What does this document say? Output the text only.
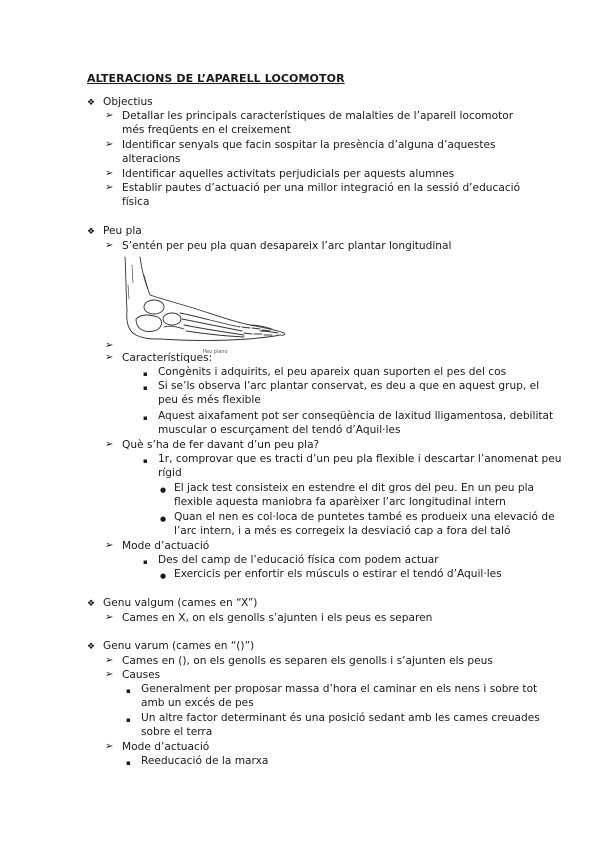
ALTERACIONS DE L’APARELL LOCOMOTOR
❖ Objectius
➢ Detallar les principals característiques de malalties de l’aparell locomotor
més freqüents en el creixement
➢ Identificar senyals que facin sospitar la presència d’alguna d’aquestes
alteracions
➢ Identificar aquelles activitats perjudicials per aquests alumnes
➢ Establir pautes d’actuació per una millor integració en la sessió d’educació
física
❖ Peu pla
➢ S’entén per peu pla quan desapareix l’arc plantar longitudinal
Peu plano
➢
➢ Característiques:
▪ Congènits i adquirits, el peu apareix quan suporten el pes del cos
▪ Si se’ls observa l’arc plantar conservat, es deu a que en aquest grup, el
peu és més flexible
▪ Aquest aixafament pot ser conseqüència de laxitud lligamentosa, debilitat
muscular o escurçament del tendó d’Aquil·les
➢ Què s’ha de fer davant d’un peu pla?
▪ 1r, comprovar que es tracti d’un peu pla flexible i descartar l’anomenat peu
rígid
● El jack test consisteix en estendre el dit gros del peu. En un peu pla
flexible aquesta maniobra fa aparèixer l’arc longitudinal intern
● Quan el nen es col·loca de puntetes també es produeix una elevació de
l’arc intern, i a més es corregeix la desviació cap a fora del taló
➢ Mode d’actuació
▪ Des del camp de l’educació física com podem actuar
● Exercicis per enfortir els músculs o estirar el tendó d’Aquil·les
❖ Genu valgum (cames en “X”)
➢ Cames en X, on els genolls s’ajunten i els peus es separen
❖ Genu varum (cames en “()”)
➢ Cames en (), on els genolls es separen els genolls i s’ajunten els peus
➢ Causes
▪ Generalment per proposar massa d’hora el caminar en els nens i sobre tot
amb un excés de pes
▪ Un altre factor determinant és una posició sedant amb les cames creuades
sobre el terra
➢ Mode d’actuació
▪ Reeducació de la marxa
